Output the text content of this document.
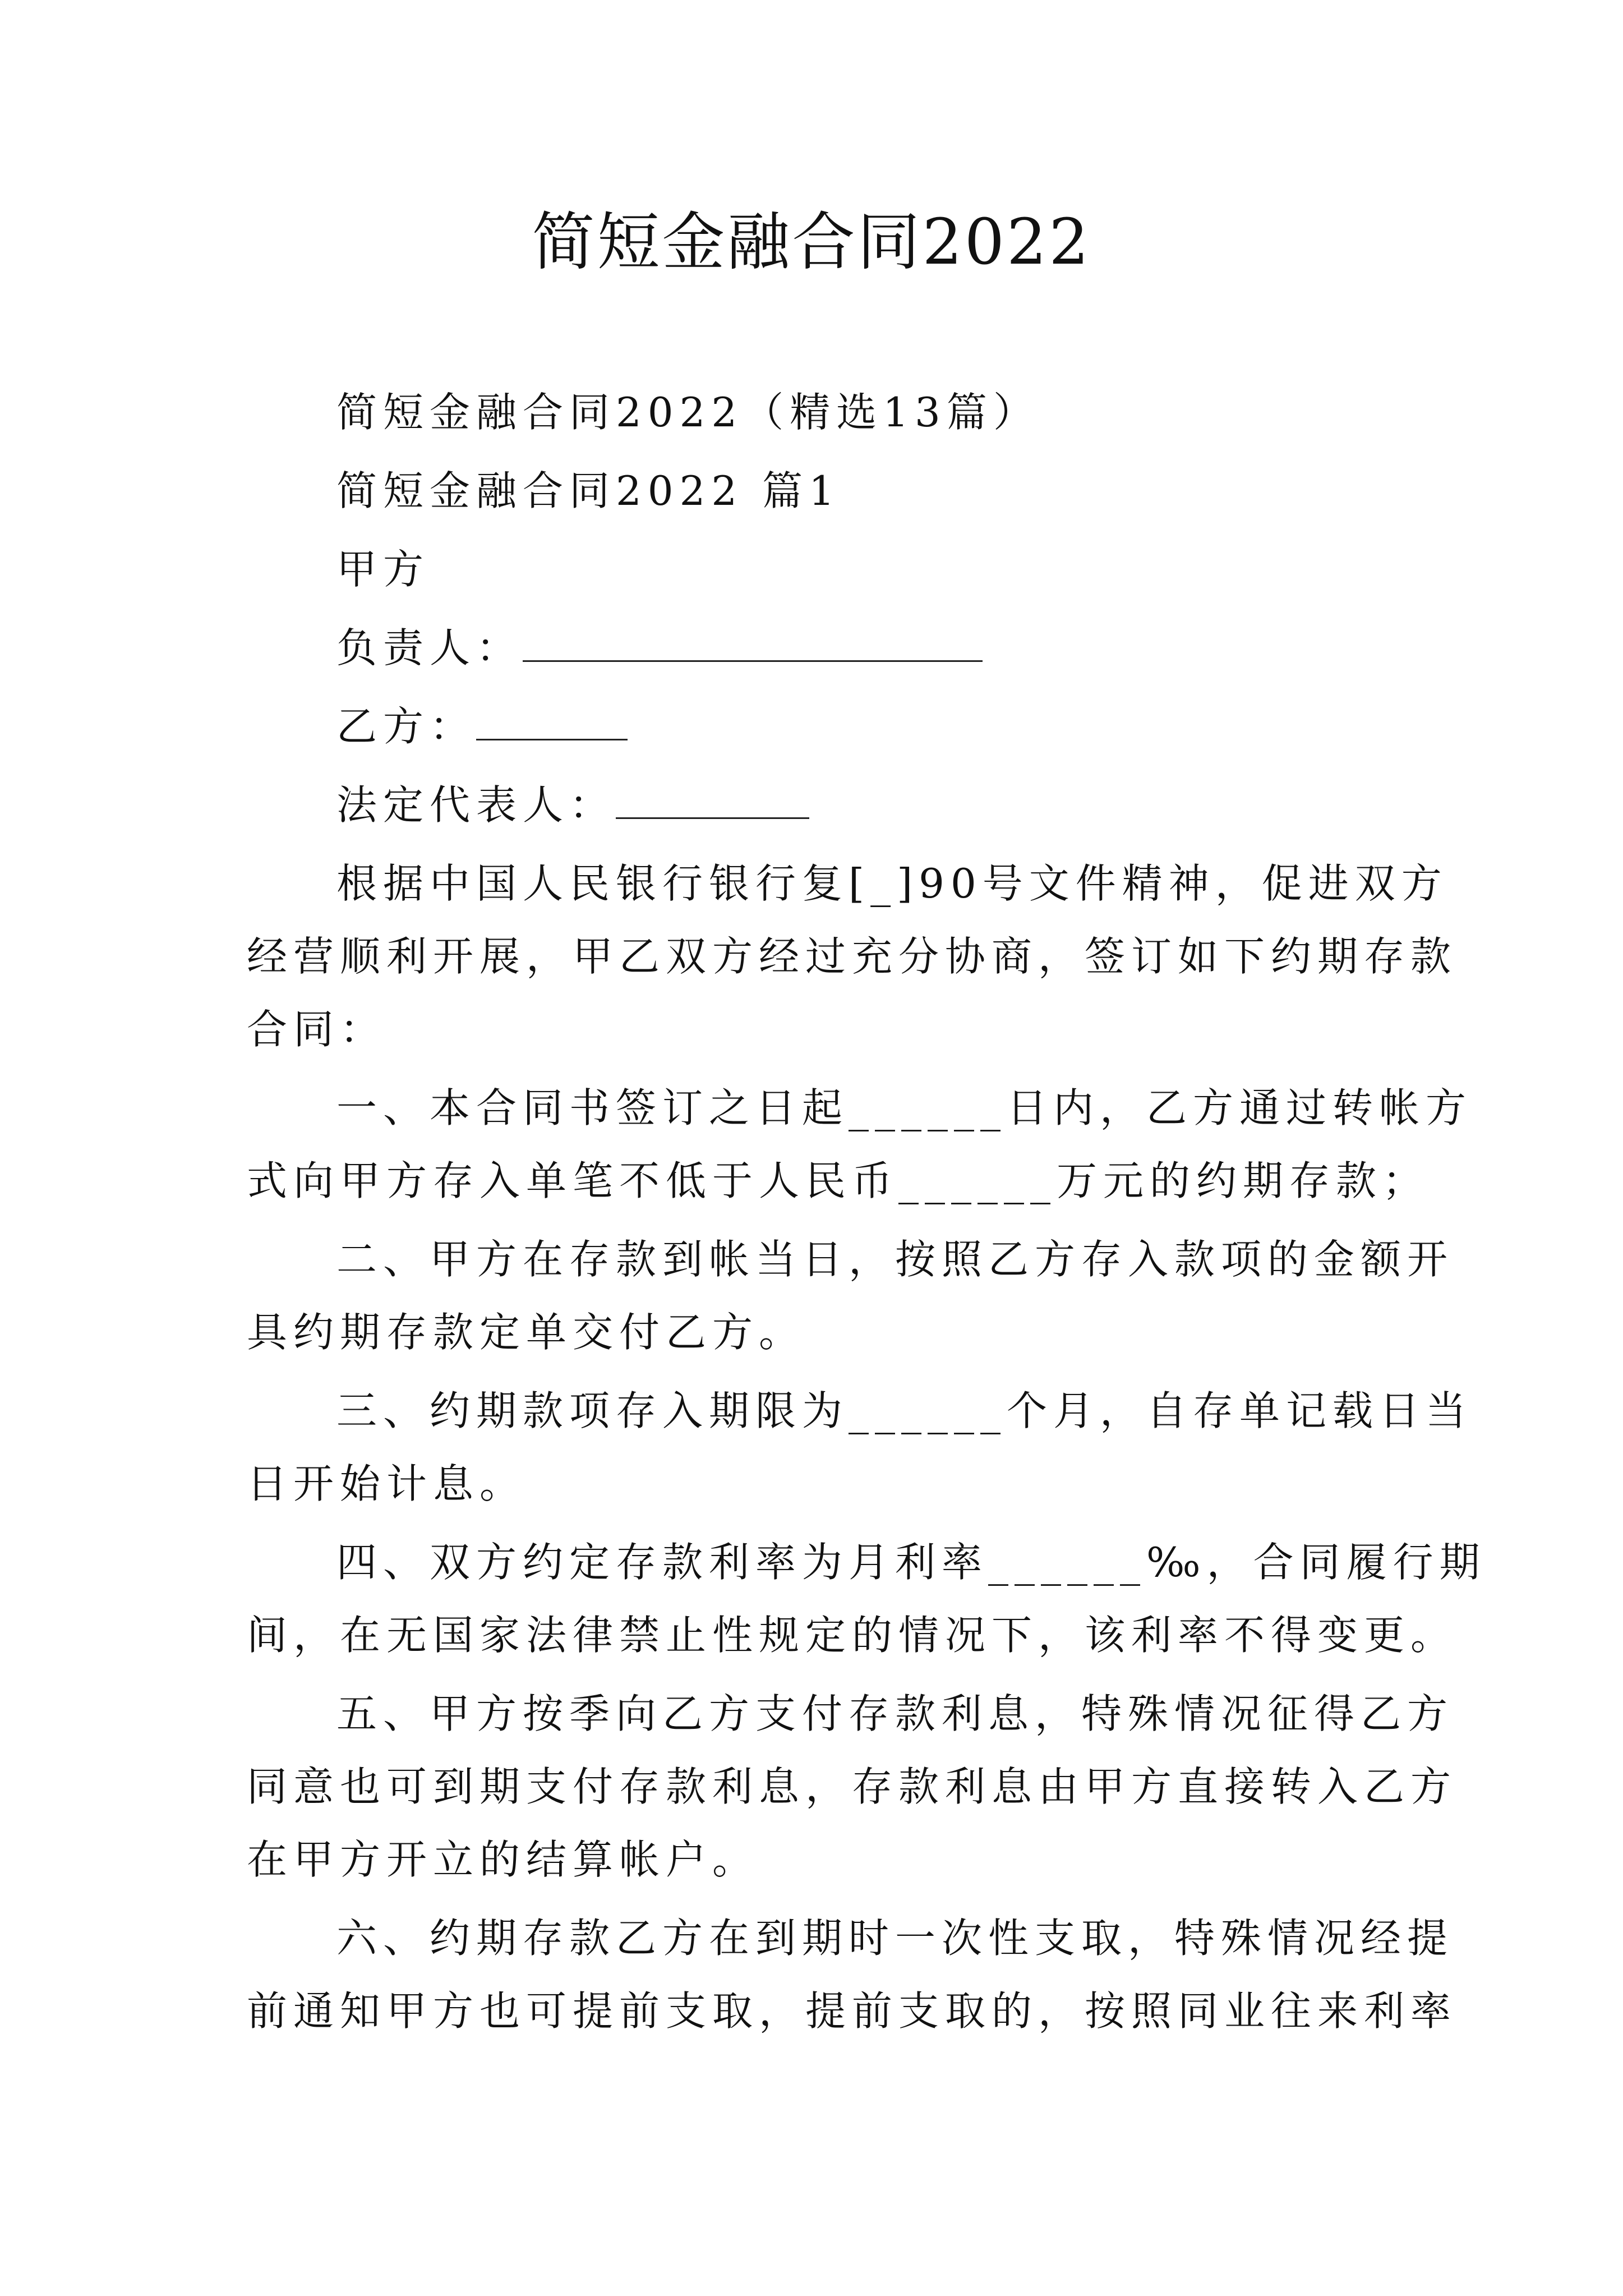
简短金融合同2022

简短金融合同2022（精选13篇）

简短金融合同2022 篇1

甲方

负责人：
乙方：
法定代表人：

根据中国人民银行银行复[_]90号文件精神，促进双方

经营顺利开展，甲乙双方经过充分协商，签订如下约期存款

合同：

一、本合同书签订之日起______日内，乙方通过转帐方

式向甲方存入单笔不低于人民币______万元的约期存款；

二、甲方在存款到帐当日，按照乙方存入款项的金额开

具约期存款定单交付乙方。

三、约期款项存入期限为______个月，自存单记载日当

日开始计息。

四、双方约定存款利率为月利率______‰，合同履行期

间，在无国家法律禁止性规定的情况下，该利率不得变更。

五、甲方按季向乙方支付存款利息，特殊情况征得乙方

同意也可到期支付存款利息，存款利息由甲方直接转入乙方

在甲方开立的结算帐户。

六、约期存款乙方在到期时一次性支取，特殊情况经提

前通知甲方也可提前支取，提前支取的，按照同业往来利率
